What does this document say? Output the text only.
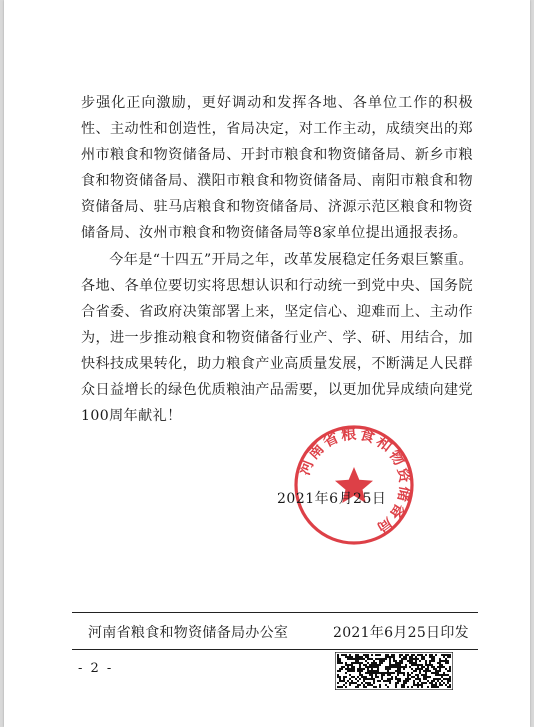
步强化正向激励，更好调动和发挥各地、各单位工作的积极性、主动性和创造性，省局决定，对工作主动，成绩突出的郑州市粮食和物资储备局、开封市粮食和物资储备局、新乡市粮食和物资储备局、濮阳市粮食和物资储备局、南阳市粮食和物资储备局、驻马店粮食和物资储备局、济源示范区粮食和物资储备局、汝州市粮食和物资储备局等8家单位提出通报表扬。

今年是“十四五”开局之年，改革发展稳定任务艰巨繁重。各地、各单位要切实将思想认识和行动统一到党中央、国务院合省委、省政府决策部署上来，坚定信心、迎难而上、主动作为，进一步推动粮食和物资储备行业产、学、研、用结合，加快科技成果转化，助力粮食产业高质量发展，不断满足人民群众日益增长的绿色优质粮油产品需要，以更加优异成绩向建党100周年献礼！

河南省粮食和物资储备局
2021年6月25日
河南省粮食和物资储备局办公室	2021年6月25日印发
- 2 -
